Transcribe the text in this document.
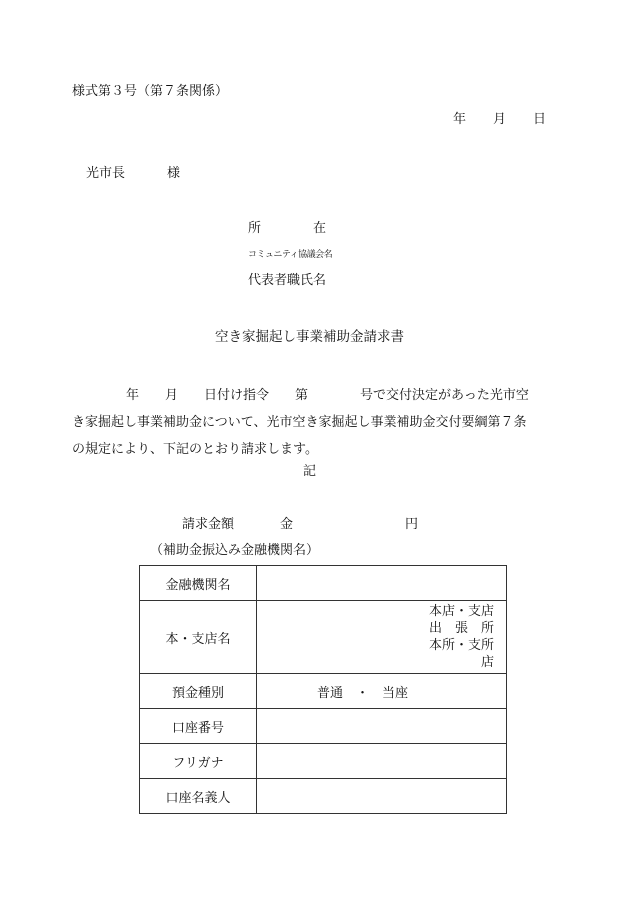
様式第３号（第７条関係）
年 月 日
光市長	様
所　　　　在
コミュニティ協議会名
代表者職氏名
空き家掘起し事業補助金請求書
年　　月　　日付け指令　　第　　　　号で交付決定があった光市空
き家掘起し事業補助金について、光市空き家掘起し事業補助金交付要綱第７条
の規定により、下記のとおり請求します。
記
請求金額	金	円
（補助金振込み金融機関名）
金融機関名	
本・支店名	本店・支店
出　張　所
本所・支所
店

預金種別	普通　・　当座
口座番号	
フリガナ	
口座名義人	
